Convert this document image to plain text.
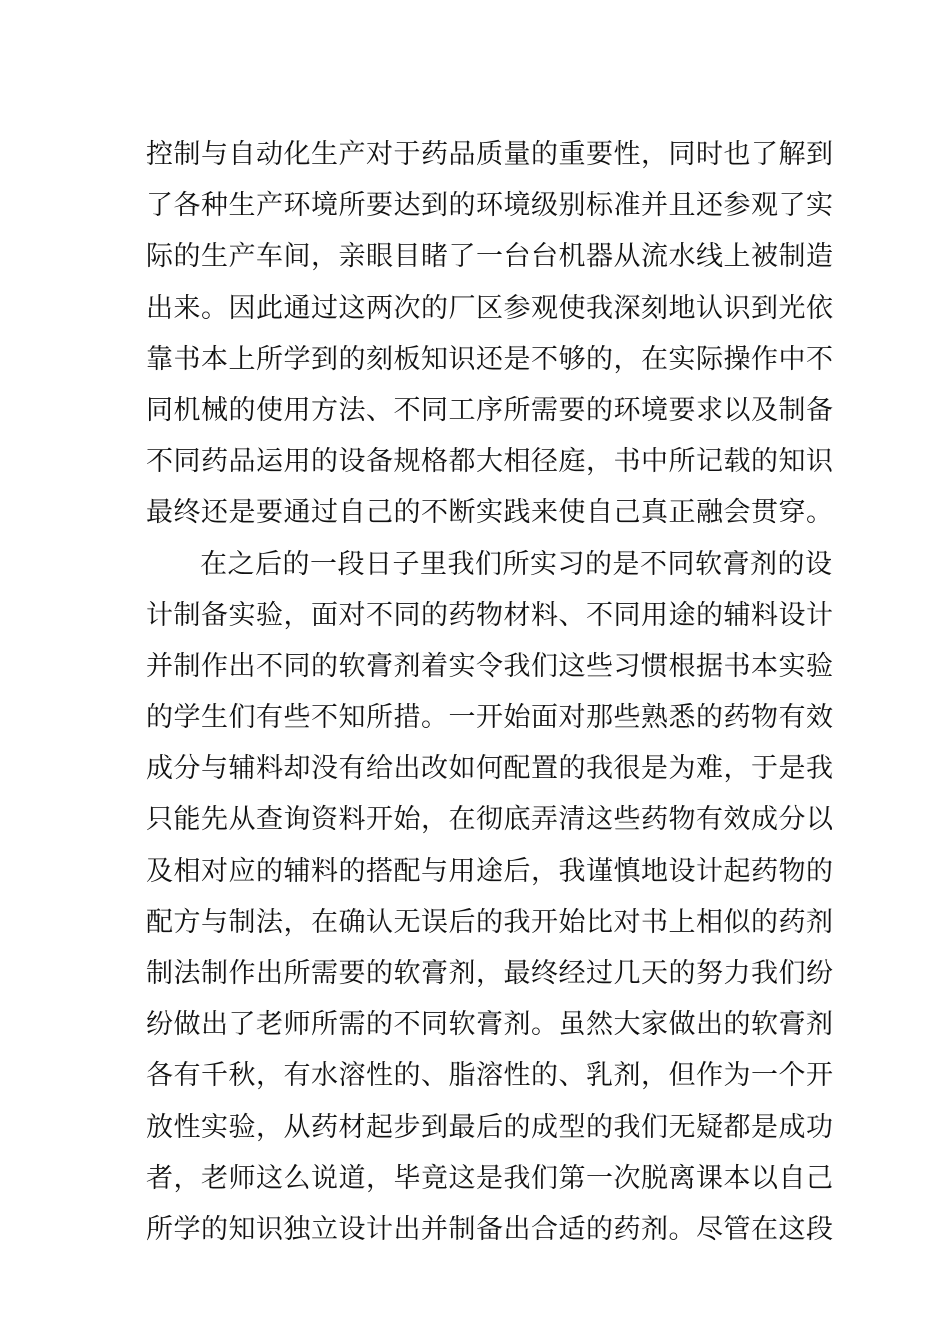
控制与自动化生产对于药品质量的重要性，同时也了解到
了各种生产环境所要达到的环境级别标准并且还参观了实
际的生产车间，亲眼目睹了一台台机器从流水线上被制造
出来。因此通过这两次的厂区参观使我深刻地认识到光依
靠书本上所学到的刻板知识还是不够的，在实际操作中不
同机械的使用方法、不同工序所需要的环境要求以及制备
不同药品运用的设备规格都大相径庭，书中所记载的知识
最终还是要通过自己的不断实践来使自己真正融会贯穿。
在之后的一段日子里我们所实习的是不同软膏剂的设
计制备实验，面对不同的药物材料、不同用途的辅料设计
并制作出不同的软膏剂着实令我们这些习惯根据书本实验
的学生们有些不知所措。一开始面对那些熟悉的药物有效
成分与辅料却没有给出改如何配置的我很是为难，于是我
只能先从查询资料开始，在彻底弄清这些药物有效成分以
及相对应的辅料的搭配与用途后，我谨慎地设计起药物的
配方与制法，在确认无误后的我开始比对书上相似的药剂
制法制作出所需要的软膏剂，最终经过几天的努力我们纷
纷做出了老师所需的不同软膏剂。虽然大家做出的软膏剂
各有千秋，有水溶性的、脂溶性的、乳剂，但作为一个开
放性实验，从药材起步到最后的成型的我们无疑都是成功
者，老师这么说道，毕竟这是我们第一次脱离课本以自己
所学的知识独立设计出并制备出合适的药剂。尽管在这段
